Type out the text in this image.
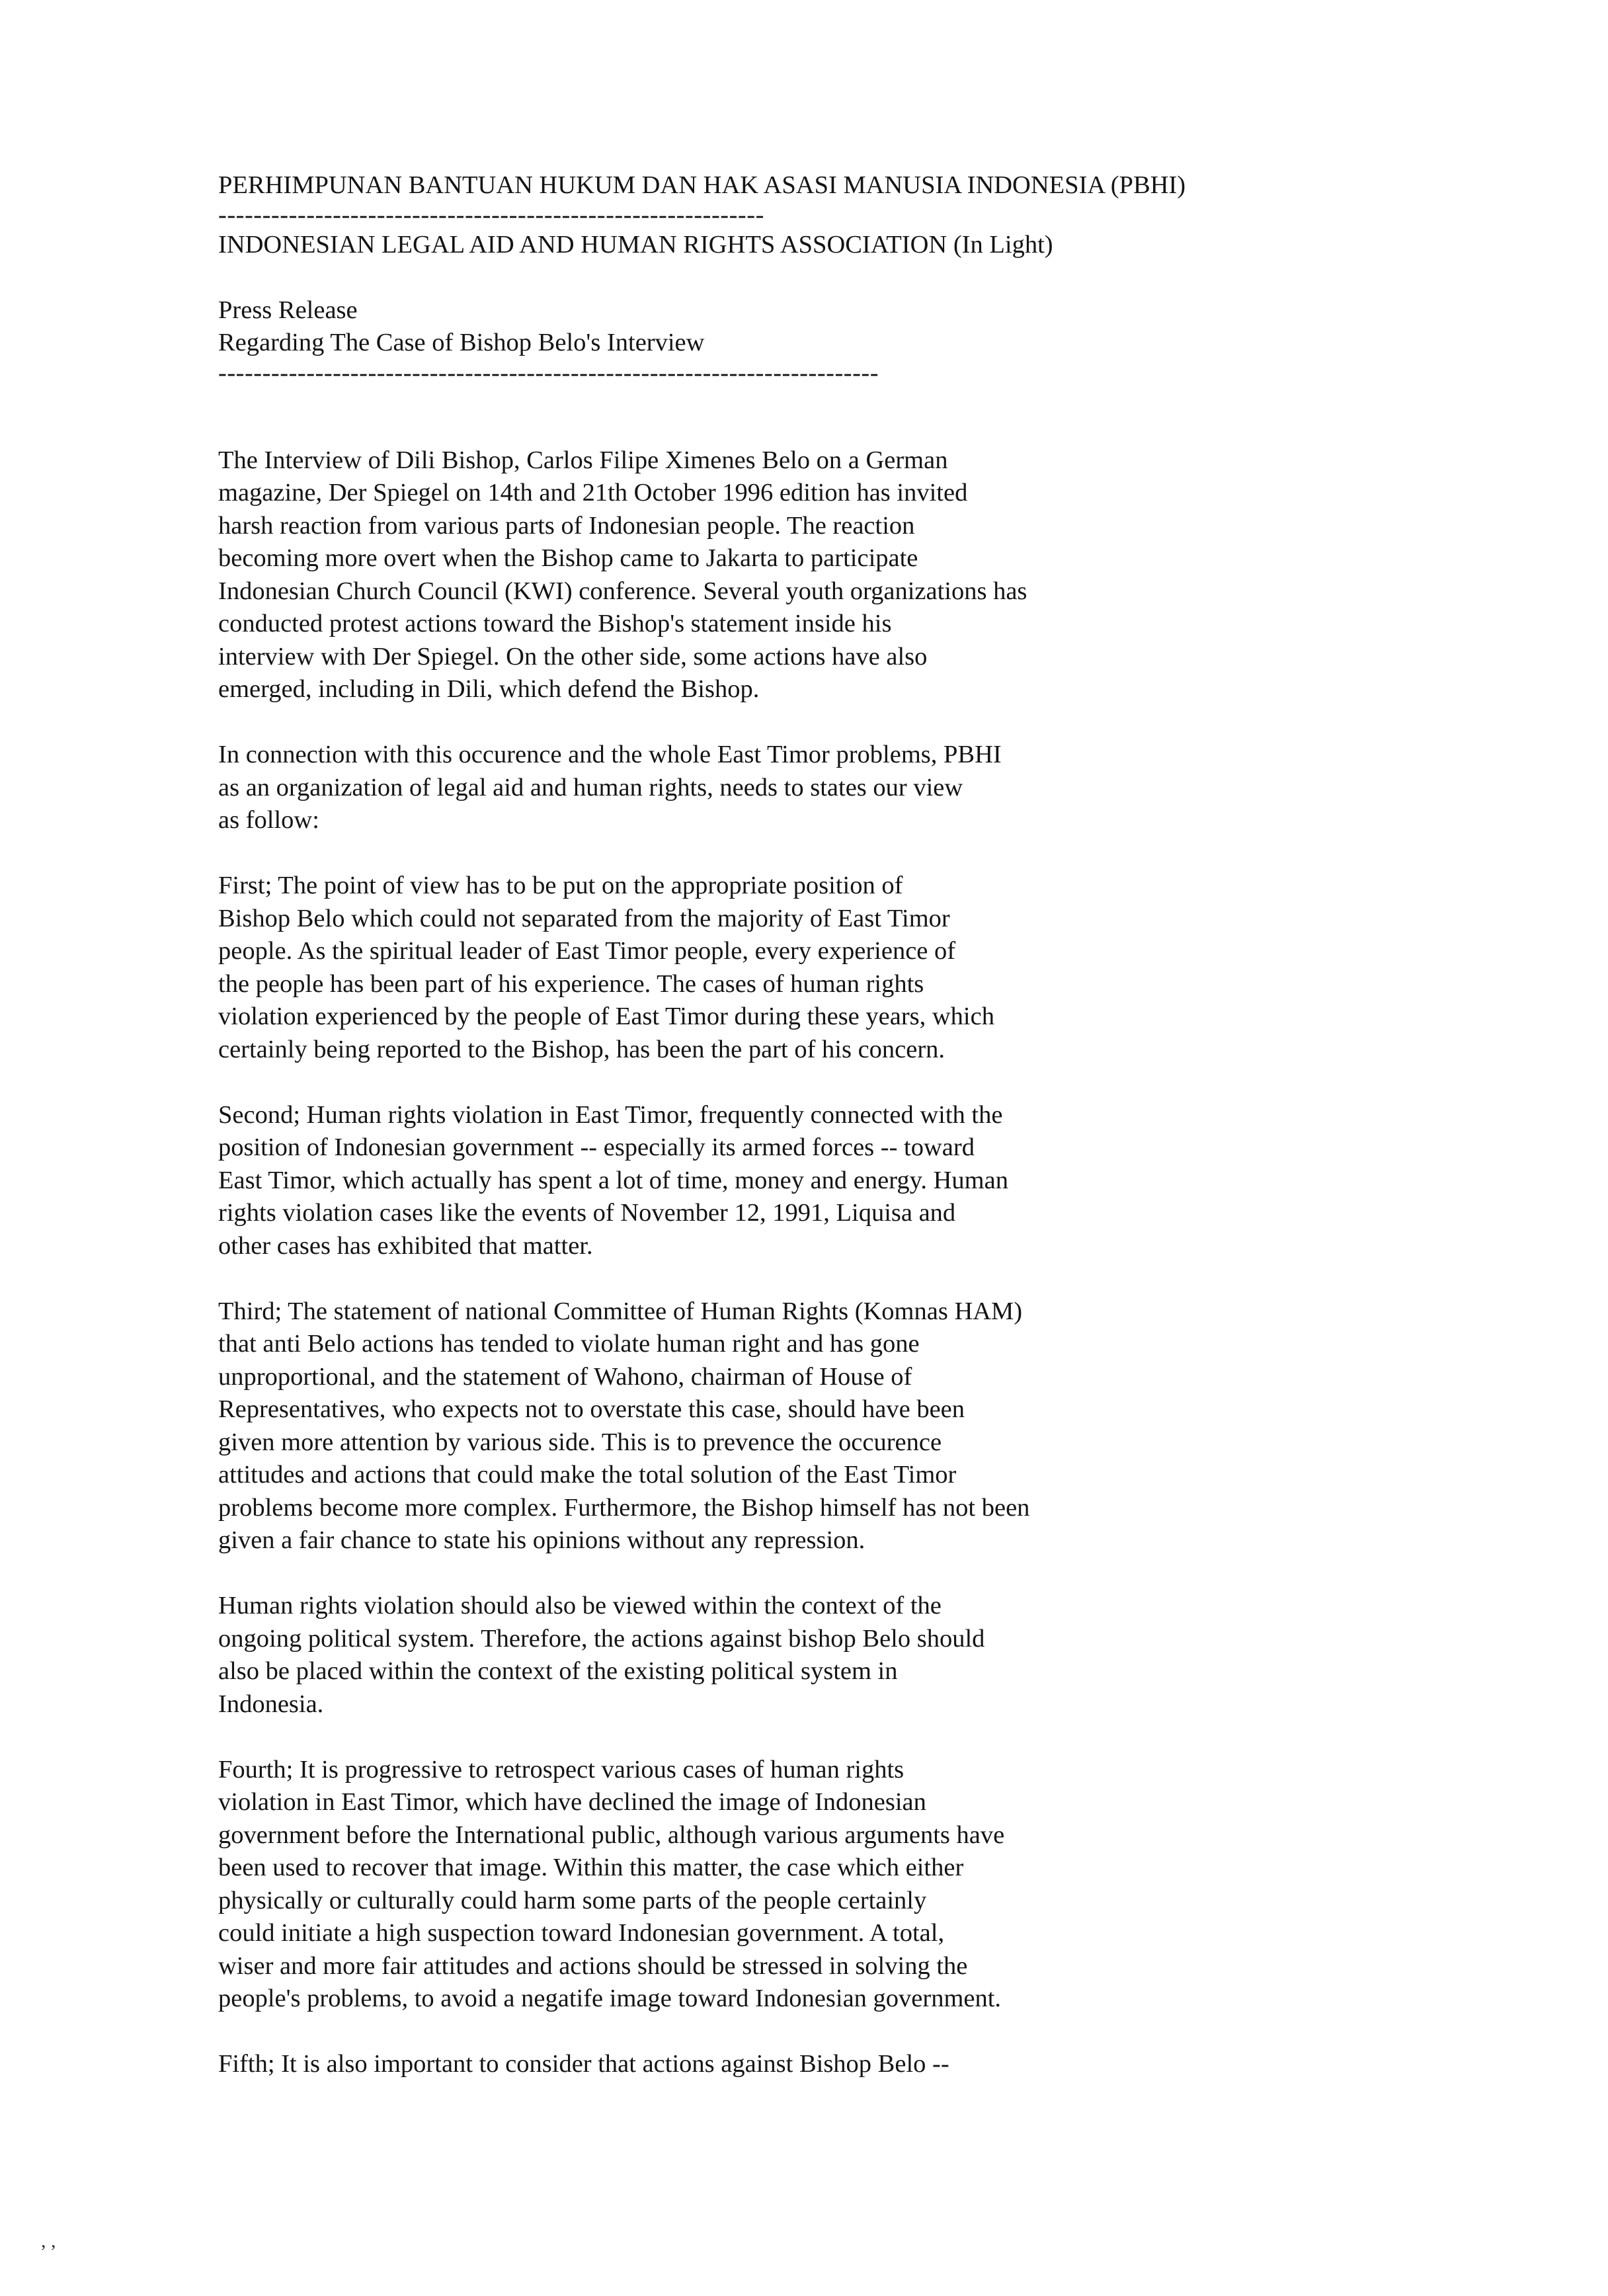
PERHIMPUNAN BANTUAN HUKUM DAN HAK ASASI MANUSIA INDONESIA (PBHI)
--------------------------------------------------------------
INDONESIAN LEGAL AID AND HUMAN RIGHTS ASSOCIATION (In Light)
Press Release
Regarding The Case of Bishop Belo's Interview
---------------------------------------------------------------------------
The Interview of Dili Bishop, Carlos Filipe Ximenes Belo on a German
magazine, Der Spiegel on 14th and 21th October 1996 edition has invited
harsh reaction from various parts of Indonesian people. The reaction
becoming more overt when the Bishop came to Jakarta to participate
Indonesian Church Council (KWI) conference. Several youth organizations has
conducted protest actions toward the Bishop's statement inside his
interview with Der Spiegel. On the other side, some actions have also
emerged, including in Dili, which defend the Bishop.
In connection with this occurence and the whole East Timor problems, PBHI
as an organization of legal aid and human rights, needs to states our view
as follow:
First; The point of view has to be put on the appropriate position of
Bishop Belo which could not separated from the majority of East Timor
people. As the spiritual leader of East Timor people, every experience of
the people has been part of his experience. The cases of human rights
violation experienced by the people of East Timor during these years, which
certainly being reported to the Bishop, has been the part of his concern.
Second; Human rights violation in East Timor, frequently connected with the
position of Indonesian government -- especially its armed forces -- toward
East Timor, which actually has spent a lot of time, money and energy. Human
rights violation cases like the events of November 12, 1991, Liquisa and
other cases has exhibited that matter.
Third; The statement of national Committee of Human Rights (Komnas HAM)
that anti Belo actions has tended to violate human right and has gone
unproportional, and the statement of Wahono, chairman of House of
Representatives, who expects not to overstate this case, should have been
given more attention by various side. This is to prevence the occurence
attitudes and actions that could make the total solution of the East Timor
problems become more complex. Furthermore, the Bishop himself has not been
given a fair chance to state his opinions without any repression.
Human rights violation should also be viewed within the context of the
ongoing political system. Therefore, the actions against bishop Belo should
also be placed within the context of the existing political system in
Indonesia.
Fourth; It is progressive to retrospect various cases of human rights
violation in East Timor, which have declined the image of Indonesian
government before the International public, although various arguments have
been used to recover that image. Within this matter, the case which either
physically or culturally could harm some parts of the people certainly
could initiate a high suspection toward Indonesian government. A total,
wiser and more fair attitudes and actions should be stressed in solving the
people's problems, to avoid a negatife image toward Indonesian government.
Fifth; It is also important to consider that actions against Bishop Belo --
, ,
